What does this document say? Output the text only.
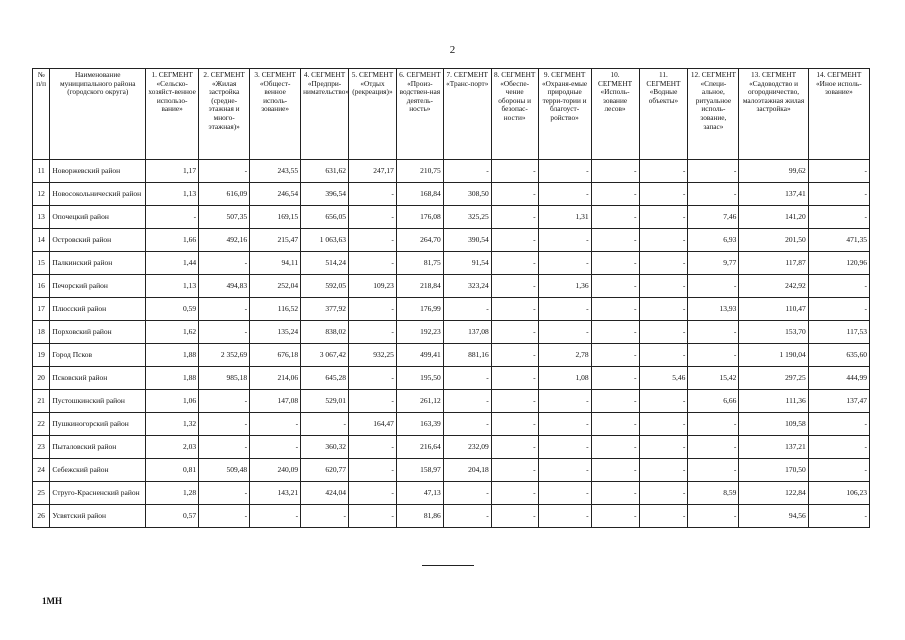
2
№ п/п	Наименование муниципального района (городского округа)	1. СЕГМЕНТ «Сельско-хозяйст-венное использо-вание»	2. СЕГМЕНТ «Жилая застройка (средне-этажная и много-этажная)»	3. СЕГМЕНТ «Общест-венное исполь-зование»	4. СЕГМЕНТ «Предпри-нимательство»	5. СЕГМЕНТ «Отдых (рекреация)»	6. СЕГМЕНТ «Произ-водствен-ная деятель-ность»	7. СЕГМЕНТ «Транс-порт»	8. СЕГМЕНТ «Обеспе-чение обороны и безопас-ности»	9. СЕГМЕНТ «Охраня-емые природные терри-тории и благоуст-ройство»	10. СЕГМЕНТ «Исполь-зование лесов»	11. СЕГМЕНТ «Водные объекты»	12. СЕГМЕНТ «Специ-альное, ритуальное исполь-зование, запас»	13. СЕГМЕНТ «Садоводство и огородничество, малоэтажная жилая застройка»	14. СЕГМЕНТ «Иное исполь-зование»
11	Новоржевский район	1,17	-	243,55	631,62	247,17	210,75	-	-	-	-	-	-	99,62	-
12	Новосокольнический район	1,13	616,09	246,54	396,54	-	168,84	308,50	-	-	-	-	-	137,41	-
13	Опочецкий район	-	507,35	169,15	656,05	-	176,08	325,25	-	1,31	-	-	7,46	141,20	-
14	Островский район	1,66	492,16	215,47	1 063,63	-	264,70	390,54	-	-	-	-	6,93	201,50	471,35
15	Палкинский район	1,44	-	94,11	514,24	-	81,75	91,54	-	-	-	-	9,77	117,87	120,96
16	Печорский район	1,13	494,83	252,04	592,05	109,23	218,84	323,24	-	1,36	-	-	-	242,92	-
17	Плюсский район	0,59	-	116,52	377,92	-	176,99	-	-	-	-	-	13,93	110,47	-
18	Порховский район	1,62	-	135,24	838,02	-	192,23	137,08	-	-	-	-	-	153,70	117,53
19	Город Псков	1,88	2 352,69	676,18	3 067,42	932,25	499,41	881,16	-	2,78	-	-	-	1 190,04	635,60
20	Псковский район	1,88	985,18	214,06	645,28	-	195,50	-	-	1,08	-	5,46	15,42	297,25	444,99
21	Пустошкинский район	1,06	-	147,08	529,01	-	261,12	-	-	-	-	-	6,66	111,36	137,47
22	Пушкиногорский район	1,32	-	-	-	164,47	163,39	-	-	-	-	-	-	109,58	-
23	Пыталовский район	2,03	-	-	360,32	-	216,64	232,09	-	-	-	-	-	137,21	-
24	Себежский район	0,81	509,48	240,09	620,77	-	158,97	204,18	-	-	-	-	-	170,50	-
25	Струго-Красненский район	1,28	-	143,21	424,04	-	47,13	-	-	-	-	-	8,59	122,84	106,23
26	Усвятский район	0,57	-	-	-	-	81,86	-	-	-	-	-	-	94,56	-
1МН
